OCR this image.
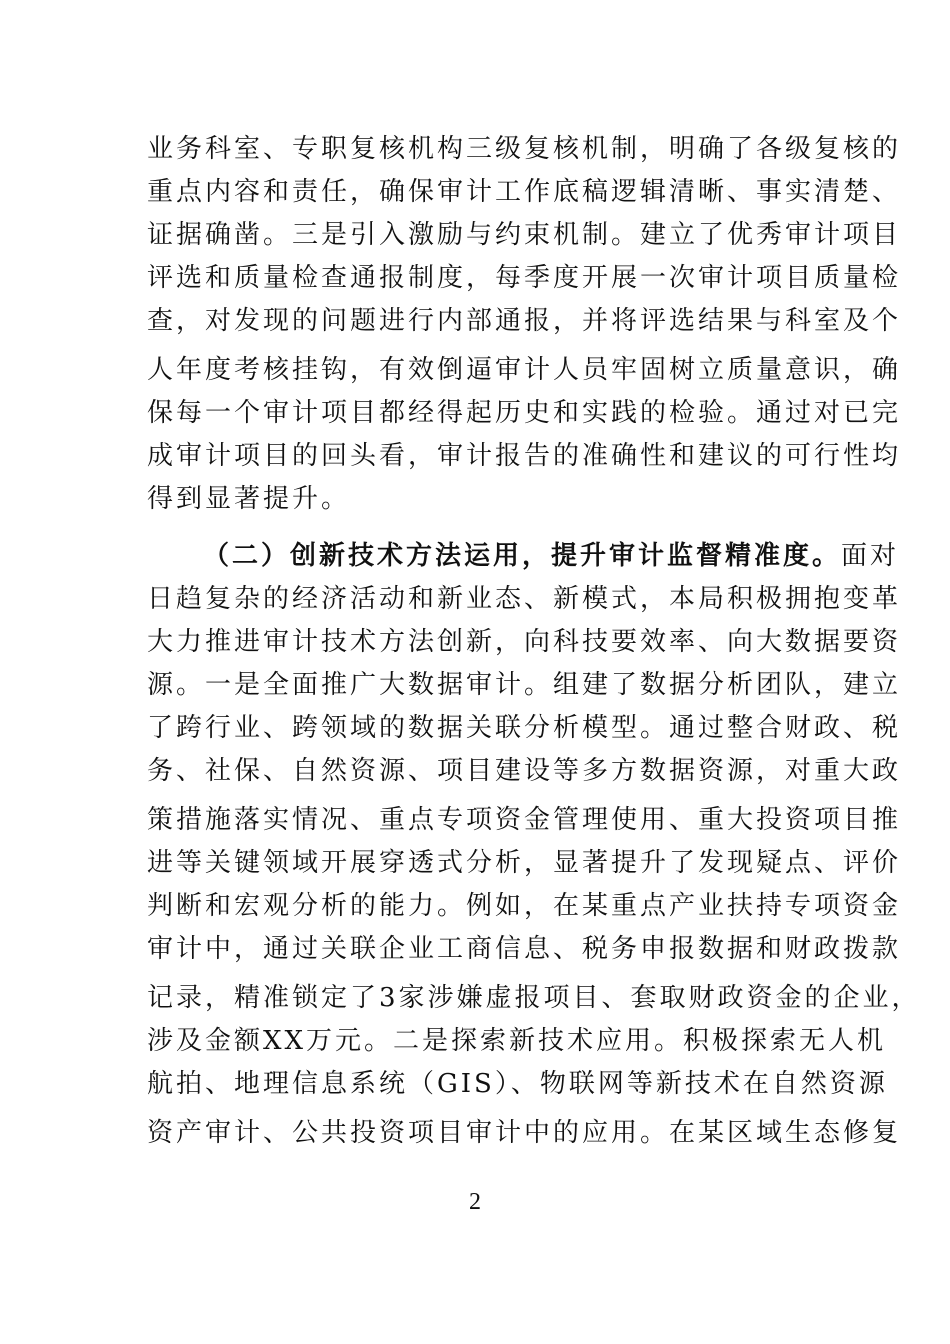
业务科室、专职复核机构三级复核机制，明确了各级复核的
重点内容和责任，确保审计工作底稿逻辑清晰、事实清楚、
证据确凿。三是引入激励与约束机制。建立了优秀审计项目
评选和质量检查通报制度，每季度开展一次审计项目质量检
查，对发现的问题进行内部通报，并将评选结果与科室及个
人年度考核挂钩，有效倒逼审计人员牢固树立质量意识，确
保每一个审计项目都经得起历史和实践的检验。通过对已完
成审计项目的回头看，审计报告的准确性和建议的可行性均
得到显著提升。
（二）创新技术方法运用，提升审计监督精准度。面对
日趋复杂的经济活动和新业态、新模式，本局积极拥抱变革
大力推进审计技术方法创新，向科技要效率、向大数据要资
源。一是全面推广大数据审计。组建了数据分析团队，建立
了跨行业、跨领域的数据关联分析模型。通过整合财政、税
务、社保、自然资源、项目建设等多方数据资源，对重大政
策措施落实情况、重点专项资金管理使用、重大投资项目推
进等关键领域开展穿透式分析，显著提升了发现疑点、评价
判断和宏观分析的能力。例如，在某重点产业扶持专项资金
审计中，通过关联企业工商信息、税务申报数据和财政拨款
记录，精准锁定了3家涉嫌虚报项目、套取财政资金的企业，
涉及金额XX万元。二是探索新技术应用。积极探索无人机
航拍、地理信息系统（GIS）、物联网等新技术在自然资源
资产审计、公共投资项目审计中的应用。在某区域生态修复
2
